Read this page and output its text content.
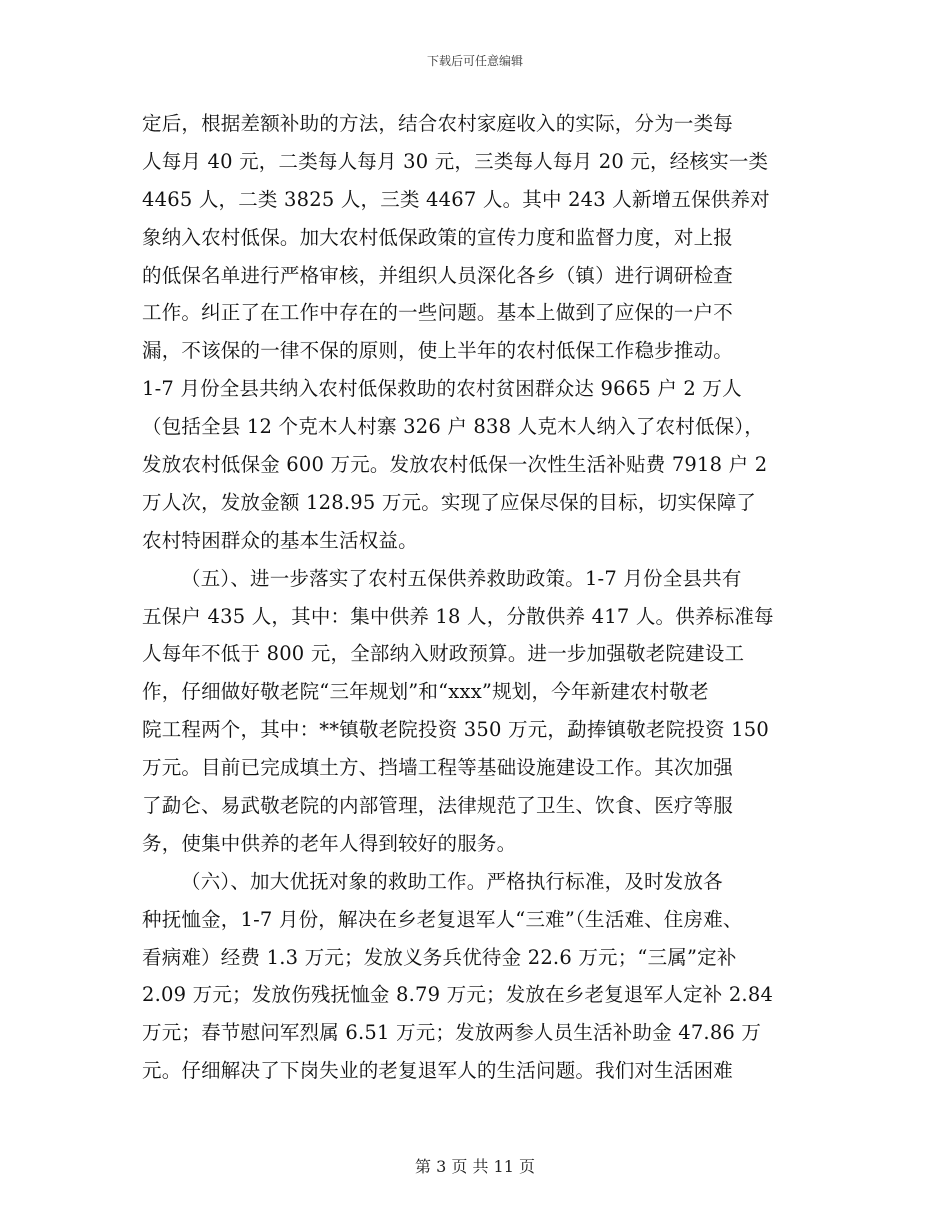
下载后可任意编辑
定后，根据差额补助的方法，结合农村家庭收入的实际，分为一类每
人每月 40 元，二类每人每月 30 元，三类每人每月 20 元，经核实一类
4465 人，二类 3825 人，三类 4467 人。其中 243 人新增五保供养对
象纳入农村低保。加大农村低保政策的宣传力度和监督力度，对上报
的低保名单进行严格审核，并组织人员深化各乡（镇）进行调研检查
工作。纠正了在工作中存在的一些问题。基本上做到了应保的一户不
漏，不该保的一律不保的原则，使上半年的农村低保工作稳步推动。
1-7 月份全县共纳入农村低保救助的农村贫困群众达 9665 户 2 万人
（包括全县 12 个克木人村寨 326 户 838 人克木人纳入了农村低保），
发放农村低保金 600 万元。发放农村低保一次性生活补贴费 7918 户 2
万人次，发放金额 128.95 万元。实现了应保尽保的目标，切实保障了
农村特困群众的基本生活权益。
（五）、进一步落实了农村五保供养救助政策。1-7 月份全县共有
五保户 435 人，其中：集中供养 18 人，分散供养 417 人。供养标准每
人每年不低于 800 元，全部纳入财政预算。进一步加强敬老院建设工
作，仔细做好敬老院“三年规划”和“xxx”规划，今年新建农村敬老
院工程两个，其中：**镇敬老院投资 350 万元，勐捧镇敬老院投资 150
万元。目前已完成填土方、挡墙工程等基础设施建设工作。其次加强
了勐仑、易武敬老院的内部管理，法律规范了卫生、饮食、医疗等服
务，使集中供养的老年人得到较好的服务。
（六）、加大优抚对象的救助工作。严格执行标准，及时发放各
种抚恤金，1-7 月份，解决在乡老复退军人“三难”（生活难、住房难、
看病难）经费 1.3 万元；发放义务兵优待金 22.6 万元；“三属”定补
2.09 万元；发放伤残抚恤金 8.79 万元；发放在乡老复退军人定补 2.84
万元；春节慰问军烈属 6.51 万元；发放两参人员生活补助金 47.86 万
元。仔细解决了下岗失业的老复退军人的生活问题。我们对生活困难
第 3 页 共 11 页
